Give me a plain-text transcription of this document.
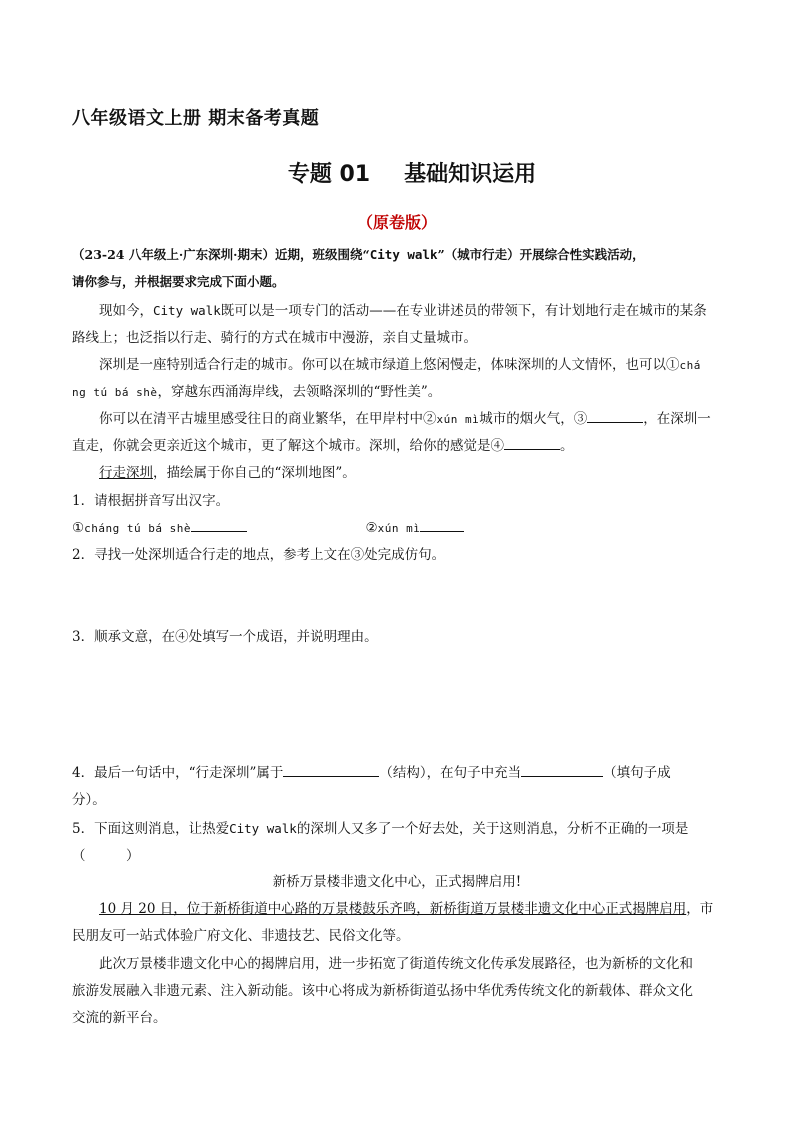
八年级语文上册 期末备考真题
专题 01 基础知识运用
（原卷版）
（23-24 八年级上·广东深圳·期末）近期，班级围绕“City walk”（城市行走）开展综合性实践活动，
请你参与，并根据要求完成下面小题。
现如今，City walk既可以是一项专门的活动——在专业讲述员的带领下，有计划地行走在城市的某条
路线上；也泛指以行走、骑行的方式在城市中漫游，亲自丈量城市。
深圳是一座特别适合行走的城市。你可以在城市绿道上悠闲慢走，体味深圳的人文情怀，也可以①chá
ng tú bá shè，穿越东西涌海岸线，去领略深圳的“野性美”。
你可以在清平古墟里感受往日的商业繁华，在甲岸村中②xún mì城市的烟火气，③	，在深圳一
直走，你就会更亲近这个城市，更了解这个城市。深圳，给你的感觉是④	。
行走深圳，描绘属于你自己的“深圳地图”。
1．请根据拼音写出汉字。
①cháng tú bá shè	②xún mì
2．寻找一处深圳适合行走的地点，参考上文在③处完成仿句。
3．顺承文意，在④处填写一个成语，并说明理由。
4．最后一句话中，“行走深圳”属于	（结构），在句子中充当	（填句子成
分）。
5．下面这则消息，让热爱City walk的深圳人又多了一个好去处，关于这则消息，分析不正确的一项是
（　　　）
新桥万景楼非遗文化中心，正式揭牌启用!
10 月 20 日，位于新桥街道中心路的万景楼鼓乐齐鸣，新桥街道万景楼非遗文化中心正式揭牌启用，市
民朋友可一站式体验广府文化、非遗技艺、民俗文化等。
此次万景楼非遗文化中心的揭牌启用，进一步拓宽了街道传统文化传承发展路径，也为新桥的文化和
旅游发展融入非遗元素、注入新动能。该中心将成为新桥街道弘扬中华优秀传统文化的新载体、群众文化
交流的新平台。
